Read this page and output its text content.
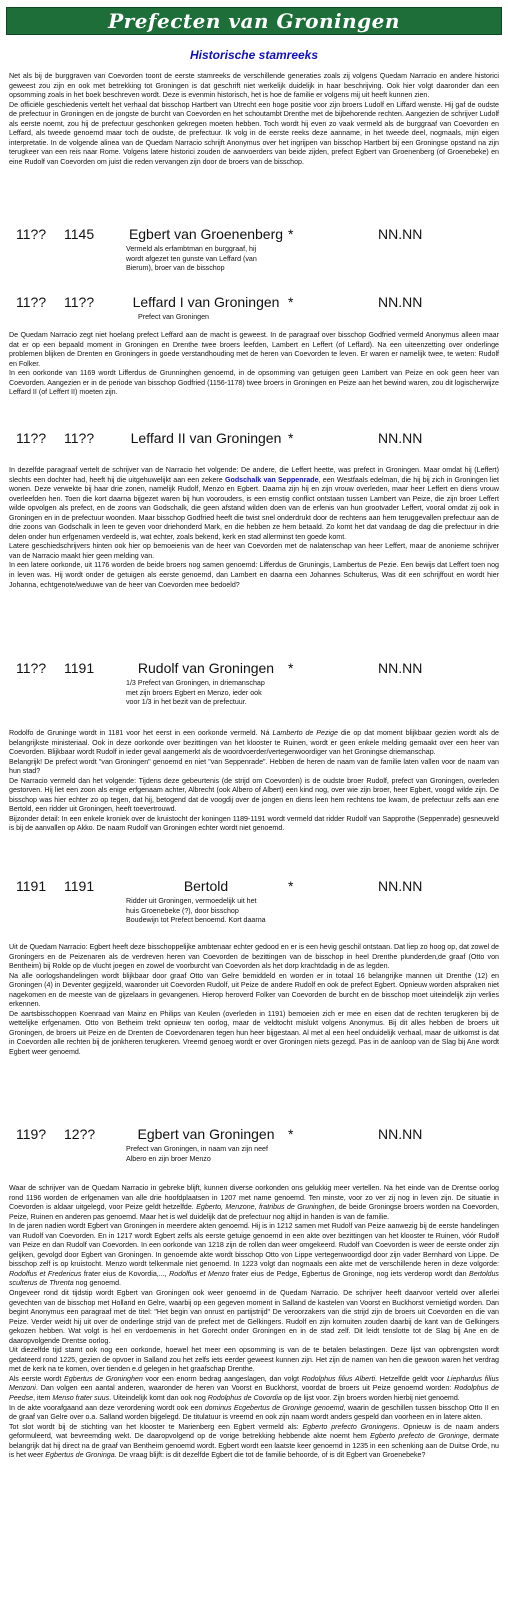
Prefecten van Groningen
Historische stamreeks

Net als bij de burggraven van Coevorden toont de eerste stamreeks de verschillende generaties zoals zij volgens Quedam Narracio en andere historici geweest zou zijn en ook met betrekking tot Groningen is dat geschrift niet werkelijk duidelijk in haar beschrijving. Ook hier volgt daaronder dan een opsomming zoals in het boek beschreven wordt. Deze is evenmin historisch, het is hoe de familie er volgens mij uit heeft kunnen zien.

De officiële geschiedenis vertelt het verhaal dat bisschop Hartbert van Utrecht een hoge positie voor zijn broers Ludolf en Liffard wenste. Hij gaf de oudste de prefectuur in Groningen en de jongste de burcht van Coevorden en het schoutambt Drenthe met de bijbehorende rechten. Aangezien de schrijver Ludolf als eerste noemt, zou hij de prefectuur geschonken gekregen moeten hebben. Toch wordt hij even zo vaak vermeld als de burggraaf van Coevorden en Leffard, als tweede genoemd maar toch de oudste, de prefectuur. Ik volg in de eerste reeks deze aanname, in het tweede deel, nogmaals, mijn eigen interpretatie. In de volgende alinea van de Quedam Narracio schrijft Anonymus over het ingrijpen van bisschop Hartbert bij een Groningse opstand na zijn terugkeer van een reis naar Rome. Volgens latere historici zouden de aanvoerders van beide zijden, prefect Egbert van Groenenberg (of Groenebeke) en eine Rudolf van Coevorden om juist die reden vervangen zijn door de broers van de bisschop.

11?? 1145	Egbert van Groenenberg *	NN.NN
Vermeld als erfambtman en burggraaf, hij
wordt afgezet ten gunste van Leffard (van
Bierum), broer van de bisschop
11?? 11??	Leffard I van Groningen *	NN.NN
Prefect van Groningen

De Quedam Narracio zegt niet hoelang prefect Leffard aan de macht is geweest. In de paragraaf over bisschop Godfried vermeld Anonymus alleen maar dat er op een bepaald moment in Groningen en Drenthe twee broers leefden, Lambert en Leffert (of Leffard). Na een uiteenzetting over onderlinge problemen blijken de Drenten en Groningers in goede verstandhouding met de heren van Coevorden te leven. Er waren er namelijk twee, te weten: Rudolf en Folker.

In een oorkonde van 1169 wordt Lifferdus de Grunninghen genoemd, in de opsomming van getuigen geen Lambert van Peize en ook geen heer van Coevorden. Aangezien er in de periode van bisschop Godfried (1156-1178) twee broers in Groningen en Peize aan het bewind waren, zou dit logischerwijze Leffard II (of Leffert II) moeten zijn.

11?? 11??	Leffard II van Groningen *	NN.NN

In dezelfde paragraaf vertelt de schrijver van de Narracio het volgende: De andere, die Leffert heette, was prefect in Groningen. Maar omdat hij (Leffert) slechts een dochter had, heeft hij die uitgehuwelijkt aan een zekere Godschalk van Seppenrade, een Westfaals edelman, die hij bij zich in Groningen liet wonen. Deze verwekte bij haar drie zonen, namelijk Rudolf, Menzo en Egbert. Daarna zijn hij en zijn vrouw overleden, maar heer Leffert en diens vrouw overleefden hen. Toen die kort daarna bijgezet waren bij hun voorouders, is een ernstig conflict ontstaan tussen Lambert van Peize, die zijn broer Leffert wilde opvolgen als prefect, en de zoons van Godschalk, die geen afstand wilden doen van de erfenis van hun grootvader Leffert, vooral omdat zij ook in Groningen en in de prefectuur woonden. Maar bisschop Godfried heeft die twist snel onderdrukt door de rechtens aan hem teruggevallen prefectuur aan de drie zoons van Godschalk in leen te geven voor driehonderd Mark, en die hebben ze hem betaald. Zo komt het dat vandaag de dag die prefectuur in drie delen onder hun erfgenamen verdeeld is, wat echter, zoals bekend, kerk en stad allerminst ten goede komt.

Latere geschiedschrijvers hinten ook hier op bemoeienis van de heer van Coevorden met de nalatenschap van heer Leffert, maar de anonieme schrijver van de Narracio maakt hier geen melding van.

In een latere oorkonde, uit 1176 worden de beide broers nog samen genoemd: Lifferdus de Gruningis, Lambertus de Pezie. Een bewijs dat Leffert toen nog in leven was. Hij wordt onder de getuigen als eerste genoemd, dan Lambert en daarna een Johannes Schulterus, Was dit een schrijffout en wordt hier Johanna, echtgenote/weduwe van de heer van Coevorden mee bedoeld?

11?? 1191	Rudolf van Groningen *	NN.NN
1/3 Prefect van Groningen, in driemanschap
met zijn broers Egbert en Menzo, ieder ook
voor 1/3 in het bezit van de prefectuur.

Rodolfo de Gruninge wordt in 1181 voor het eerst in een oorkonde vermeld. Ná Lamberto de Pezige die op dat moment blijkbaar gezien wordt als de belangrijkste ministeriaal. Ook in deze oorkonde over bezittingen van het klooster te Ruinen, wordt er geen enkele melding gemaakt over een heer van Coevorden. Blijkbaar wordt Rudolf in ieder geval aangemerkt als de woordvoerder/vertegenwoordiger van het Groningse driemanschap.

Belangrijk! De prefect wordt "van Groningen" genoemd en niet "van Seppenrade". Hebben de heren de naam van de familie laten vallen voor de naam van hun stad?

De Narracio vermeld dan het volgende: Tijdens deze gebeurtenis (de strijd om Coevorden) is de oudste broer Rudolf, prefect van Groningen, overleden gestorven. Hij liet een zoon als enige erfgenaam achter, Albrecht (ook Albero of Albert) een kind nog, over wie zijn broer, heer Egbert, voogd wilde zijn. De bisschop was hier echter zo op tegen, dat hij, betogend dat de voogdij over de jongen en diens leen hem rechtens toe kwam, de prefectuur zelfs aan ene Bertold, een ridder uit Groningen, heeft toevertrouwd.

Bijzonder detail: In een enkele kroniek over de kruistocht der koningen 1189-1191 wordt vermeld dat ridder Rudolf van Sapprothe (Seppenrade) gesneuveld is bij de aanvallen op Akko. De naam Rudolf van Groningen echter wordt niet genoemd.

1191 1191	Bertold	*	NN.NN
Ridder uit Groningen, vermoedelijk uit het
huis Groenebeke (?), door bisschop
Boudewijn tot Prefect benoemd. Kort daarna

Uit de Quedam Narracio: Egbert heeft deze bisschoppelijke ambtenaar echter gedood en er is een hevig geschil ontstaan. Dat liep zo hoog op, dat zowel de Groningers en de Peizenaren als de verdreven heren van Coevorden de bezittingen van de bisschop in heel Drenthe plunderden,de graaf (Otto von Bentheim) bij Rolde op de vlucht joegen en zowel de voorburcht van Coevorden als het dorp krachtdadig in de as legden.

Na alle oorlogshandelingen wordt blijkbaar door graaf Otto van Gelre bemiddeld en worden er in totaal 16 belangrijke mannen uit Drenthe (12) en Groningen (4) in Deventer gegijzeld, waaronder uit Coevorden Rudolf, uit Peize de andere Rudolf en ook de prefect Egbert. Opnieuw worden afspraken niet nagekomen en de meeste van de gijzelaars in gevangenen. Hierop heroverd Folker van Coevorden de burcht en de bisschop moet uiteindelijk zijn verlies erkennen.

De aartsbisschoppen Koenraad van Mainz en Philips van Keulen (overleden in 1191) bemoeien zich er mee en eisen dat de rechten terugkeren bij de wettelijke erfgenamen. Otto von Betheim trekt opnieuw ten oorlog, maar de veldtocht mislukt volgens Anonymus. Bij dit alles hebben de broers uit Groningen, de broers uit Peize en de Drenten de Coevordenaren tegen hun heer bijgestaan. Al met al een heel onduidelijk verhaal, maar de uitkomst is dat in Coevorden alle rechten bij de jonkheren terugkeren. Vreemd genoeg wordt er over Groningen niets gezegd. Pas in de aanloop van de Slag bij Ane wordt Egbert weer genoemd.

119? 12??	Egbert van Groningen *	NN.NN
Prefect van Groningen, in naam van zijn neef
Albero en zijn broer Menzo

Waar de schrijver van de Quedam Narracio in gebreke blijft, kunnen diverse oorkonden ons gelukkig meer vertellen. Na het einde van de Drentse oorlog rond 1196 worden de erfgenamen van alle drie hoofdplaatsen in 1207 met name genoemd. Ten minste, voor zo ver zij nog in leven zijn. De situatie in Coevorden is aldaar uitgelegd, voor Peize geldt hetzelfde. Egberto, Menzone, fratribus de Gruninghen, de beide Groningse broers worden na Coevorden, Peize, Ruinen en anderen pas genoemd. Maar het is wel duidelijk dat de prefectuur nog altijd in handen is van de familie.

In de jaren nadien wordt Egbert van Groningen in meerdere akten genoemd. Hij is in 1212 samen met Rudolf van Peize aanwezig bij de eerste handelingen van Rudolf van Coevorden. En in 1217 wordt Egbert zelfs als eerste getuige genoemd in een akte over bezittingen van het klooster te Ruinen, vóór Rudolf van Peize en dan Rudolf van Coevorden. In een oorkonde van 1218 zijn de rollen dan weer omgekeerd. Rudolf van Coevorden is weer de eerste onder zijn gelijken, gevolgd door Egbert van Groningen. In genoemde akte wordt bisschop Otto von Lippe vertegenwoordigd door zijn vader Bernhard von Lippe. De bisschop zelf is op kruistocht. Menzo wordt telkenmale niet genoemd. In 1223 volgt dan nogmaals een akte met de verschillende heren in deze volgorde: Rodolfus et Fredericus frater eius de Kovordia,..., Rodolfus et Menzo frater eius de Pedge, Egbertus de Groninge, nog iets verderop wordt dan Bertoldus sculterus de Threnta nog genoemd.

Ongeveer rond dit tijdstip wordt Egbert van Groningen ook weer genoemd in de Quedam Narracio. De schrijver heeft daarvoor verteld over allerlei gevechten van de bisschop met Holland en Gelre, waarbij op een gegeven moment in Salland de kastelen van Voorst en Buckhorst vernietigd worden. Dan begint Anonymus een paragraaf met de titel: "Het begin van onrust en partijstrijd" De veroorzakers van die strijd zijn de broers uit Coevorden en die van Peize. Verder weidt hij uit over de onderlinge strijd van de prefect met de Gelkingers. Rudolf en zijn kornuiten zouden daarbij de kant van de Gelkingers gekozen hebben. Wat volgt is hel en verdoemenis in het Gorecht onder Groningen en in de stad zelf. Dit leidt tenslotte tot de Slag bij Ane en de daaropvolgende Drentse oorlog.

Uit diezelfde tijd stamt ook nog een oorkonde, hoewel het meer een opsomming is van de te betalen belastingen. Deze lijst van opbrengsten wordt gedateerd rond 1225, gezien de opvoer in Salland zou het zelfs iets eerder geweest kunnen zijn. Het zijn de namen van hen die gewoon waren het verdrag met de kerk na te komen, over tienden e.d gelegen in het graafschap Drenthe.

Als eerste wordt Egbertus de Groninghen voor een enorm bedrag aangeslagen, dan volgt Rodolphus filius Alberti. Hetzelfde geldt voor Liephardus filius Menzoni. Dan volgen een aantal anderen, waaronder de heren van Voorst en Buckhorst, voordat de broers uit Peize genoemd worden: Rodolphus de Peedse, item Menso frater suus. Uiteindelijk komt dan ook nog Rodolphus de Covordia op de lijst voor. Zijn broers worden hierbij niet genoemd.

In de akte voorafgaand aan deze verordening wordt ook een dominus Ecgebertus de Groninge genoemd, waarin de geschillen tussen bisschop Otto II en de graaf van Gelre over o.a. Salland worden bijgelegd. De titulatuur is vreemd en ook zijn naam wordt anders gespeld dan voorheen en in latere akten.

Tot slot wordt bij de stichting van het klooster te Marienberg een Egbert vermeld als: Egberto prefecto Groningens. Opnieuw is de naam anders geformuleerd, wat bevreemding wekt. De daaropvolgend op de vorige betrekking hebbende akte noemt hem Egberto prefecto de Groninge, dermate belangrijk dat hij direct na de graaf van Bentheim genoemd wordt. Egbert wordt een laatste keer genoemd in 1235 in een schenking aan de Duitse Orde, nu is het weer Egbertus de Groninga. De vraag blijft: is dit dezelfde Egbert die tot de familie behoorde, of is dit Egbert van Groenebeke?
